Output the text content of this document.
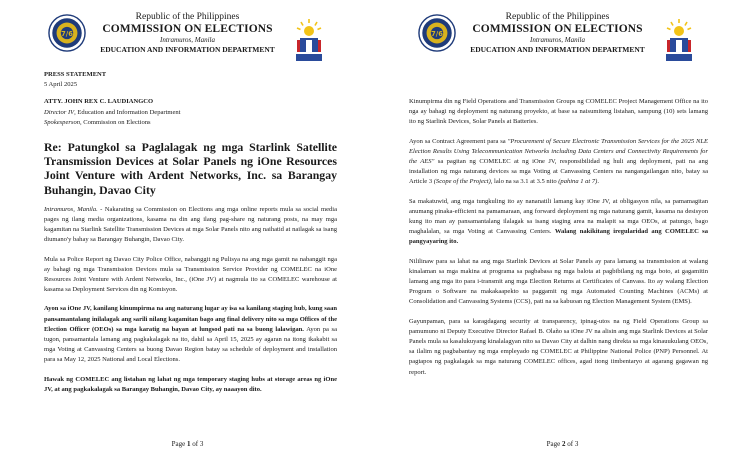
7/6
Republic of the Philippines
COMMISSION ON ELECTIONS
Intramuros, Manila
EDUCATION AND INFORMATION DEPARTMENT
PRESS STATEMENT
5 April 2025
ATTY. JOHN REX C. LAUDIANGCO
Director IV, Education and Information Department
Spokesperson, Commission on Elections
Re: Patungkol sa Paglalagak ng mga Starlink Satellite Transmission Devices at Solar Panels ng iOne Resources Joint Venture with Ardent Networks, Inc. sa Barangay Buhangin, Davao City

Intramuros, Manila. - Nakarating sa Commission on Elections ang mga online reports mula sa social media pages ng ilang media organizations, kasama na din ang ilang pag-share ng naturang posts, na may mga kagamitan na Starlink Satellite Transmission Devices at mga Solar Panels nito ang naihatid at nailagak sa isang diumano'y bahay sa Barangay Buhangin, Davao City.

Mula sa Police Report ng Davao City Police Office, nabanggit ng Pulisya na ang mga gamit na nabanggit nga ay bahagi ng mga Transmission Devices mula sa Transmission Service Provider ng COMELEC na iOne Resources Joint Venture with Ardent Networks, Inc., (iOne JV) at nagmula ito sa COMELEC warehouse at kasama sa Deployment Services din ng Komisyon.

Ayon sa iOne JV, kanilang kinumpirma na ang naturang lugar ay isa sa kanilang staging hub, kung saan pansamantalang inilalagak ang sarili nilang kagamitan bago ang final delivery nito sa mga Offices of the Election Officer (OEOs) sa mga karatig na bayan at lungsod pati na sa buong lalawigan. Ayon pa sa tugon, pansamantala lamang ang pagkakalagak na ito, dahil sa April 15, 2025 ay agaran na itong ikakabit sa mga Voting at Canvassing Centers sa buong Davao Region batay sa schedule of deployment and installation para sa May 12, 2025 National and Local Elections.

Hawak ng COMELEC ang listahan ng lahat ng mga temporary staging hubs at storage areas ng iOne JV, at ang pagkakalagak sa Barangay Buhangin, Davao City, ay naaayon dito.

Page 1 of 3
7/6
Republic of the Philippines
COMMISSION ON ELECTIONS
Intramuros, Manila
EDUCATION AND INFORMATION DEPARTMENT

Kinumpirma din ng Field Operations and Transmission Groups ng COMELEC Project Management Office na ito nga ay bahagi ng deployment ng naturang proyekto, at base sa naisumiteng listahan, sampung (10) sets lamang ito ng Starlink Devices, Solar Panels at Batteries.

Ayon sa Contract Agreement para sa "Procurement of Secure Electronic Transmission Services for the 2025 NLE Election Results Using Telecommunication Networks including Data Centers and Connectivity Requirements for the AES" sa pagitan ng COMELEC at ng iOne JV, responsibilidad ng huli ang deployment, pati na ang installation ng mga naturang devices sa mga Voting at Canvassing Centers na nangangailangan nito, batay sa Article 3 (Scope of the Project), lalo na sa 3.1 at 3.5 nito (pahina 1 at 7).

Sa makatuwid, ang mga tungkuling ito ay nananatili lamang kay iOne JV, at obligasyon nila, sa pamamagitan anumang pinaka-efficient na pamamaraan, ang forward deployment ng mga naturang gamit, kasama na desisyon kung ito man ay pansamantalang ilalagak sa isang staging area na malapit sa mga OEOs, at patungo, bago maghalalan, sa mga Voting at Canvassing Centers. Walang nakikitang iregularidad ang COMELEC sa pangyayaring ito.

Nililinaw para sa lahat na ang mga Starlink Devices at Solar Panels ay para lamang sa transmission at walang kinalaman sa mga makina at programa sa pagbabasa ng mga balota at pagbibilang ng mga boto, at gagamitin lamang ang mga ito para i-transmit ang mga Election Returns at Certificates of Canvass. Ito ay walang Election Program o Software na makakaapekto sa paggamit ng mga Automated Counting Machines (ACMs) at Consolidation and Canvassing Systems (CCS), pati na sa kabuoan ng Election Management System (EMS).

Gayunpaman, para sa karagdagang security at transparency, ipinag-utos na ng Field Operations Group sa pamumuno ni Deputy Executive Director Rafael B. Olaño sa iOne JV na alisin ang mga Starlink Devices at Solar Panels mula sa kasalukuyang kinalalagyan nito sa Davao City at dalhin nang direkta sa mga kinauukulang OEOs, sa ilalim ng pagbabantay ng mga empleyado ng COMELEC at Philippine National Police (PNP) Personnel. At pagtapos ng pagkalagak sa mga naturang COMELEC offices, agad itong iimbentaryo at agarang gagawan ng report.

Page 2 of 3
